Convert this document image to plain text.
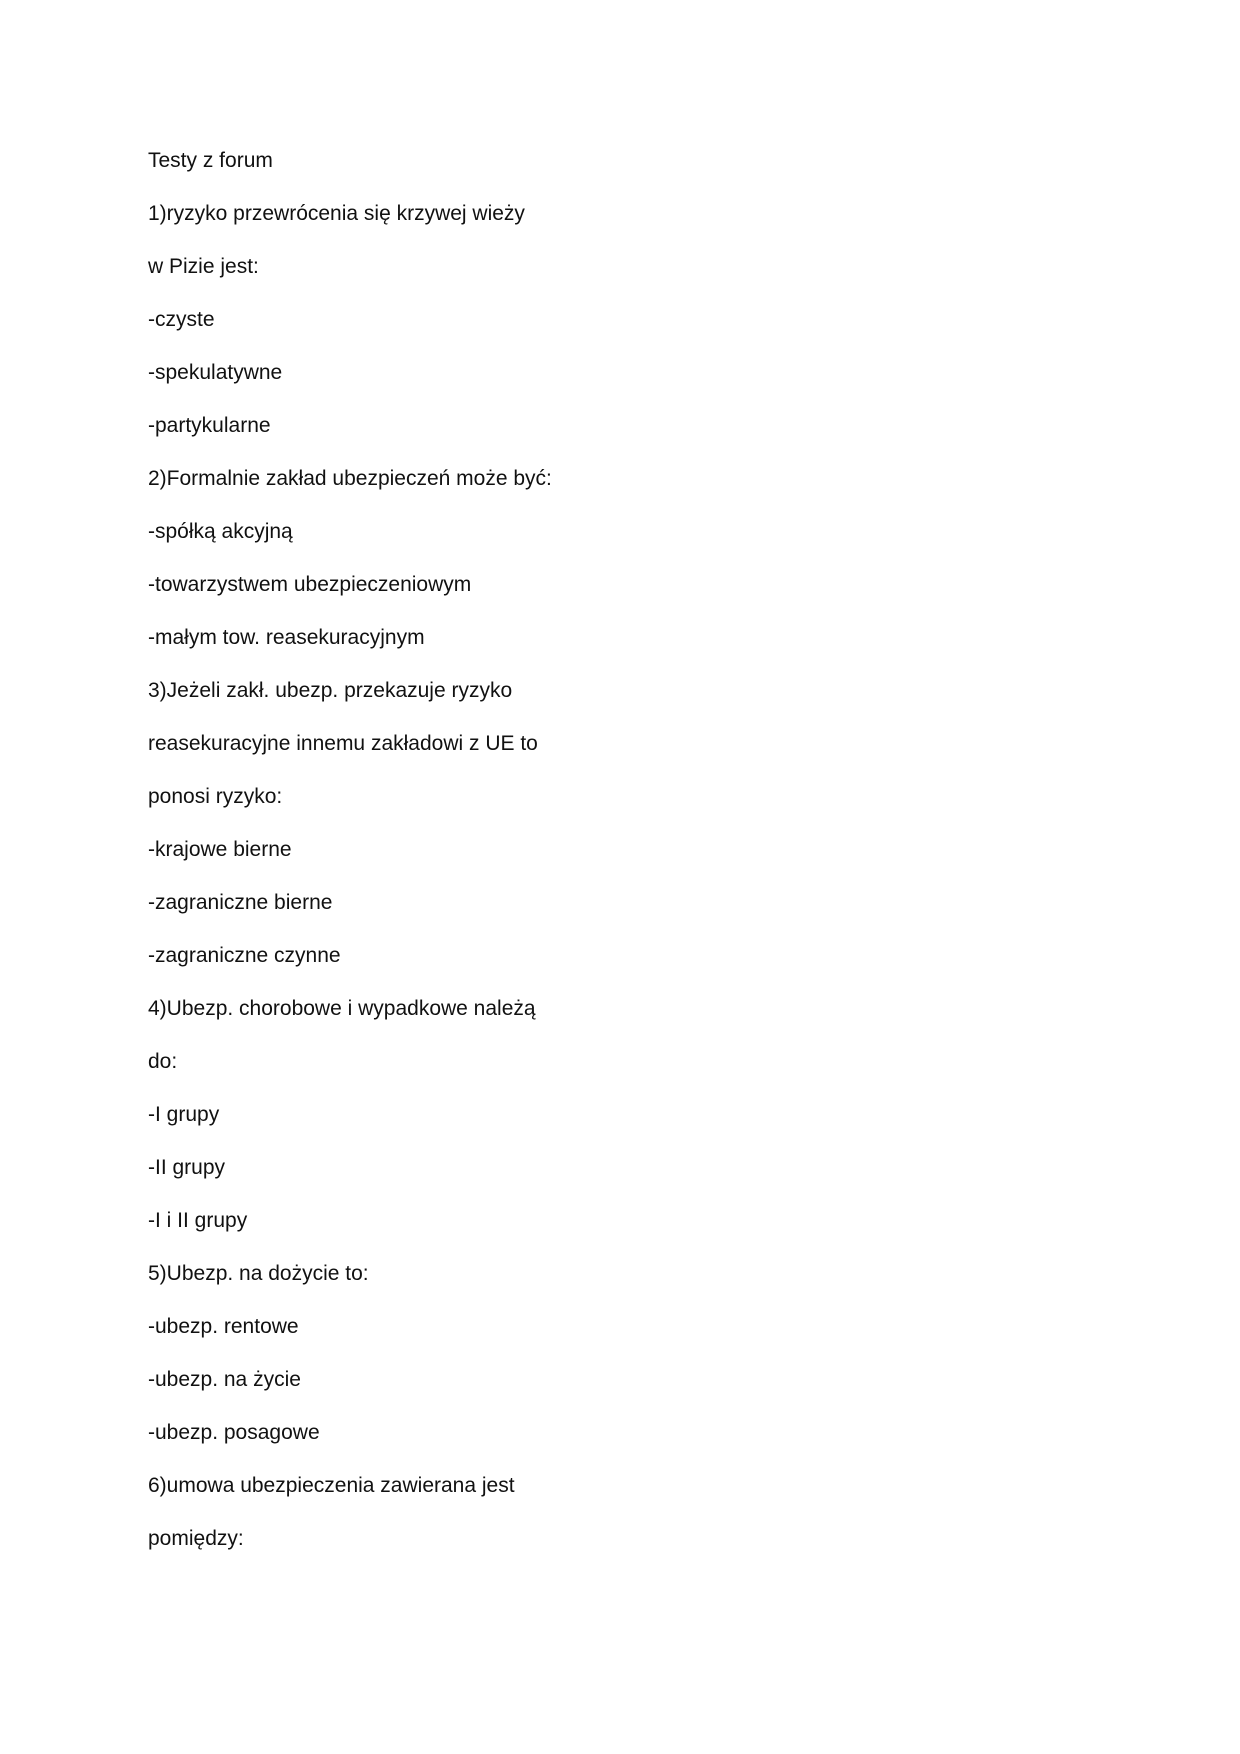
Testy z forum
1)ryzyko przewrócenia się krzywej wieży
w Pizie jest:
-czyste
-spekulatywne
-partykularne
2)Formalnie zakład ubezpieczeń może być:
-spółką akcyjną
-towarzystwem ubezpieczeniowym
-małym tow. reasekuracyjnym
3)Jeżeli zakł. ubezp. przekazuje ryzyko
reasekuracyjne innemu zakładowi z UE to
ponosi ryzyko:
-krajowe bierne
-zagraniczne bierne
-zagraniczne czynne
4)Ubezp. chorobowe i wypadkowe należą
do:
-I grupy
-II grupy
-I i II grupy
5)Ubezp. na dożycie to:
-ubezp. rentowe
-ubezp. na życie
-ubezp. posagowe
6)umowa ubezpieczenia zawierana jest
pomiędzy:
